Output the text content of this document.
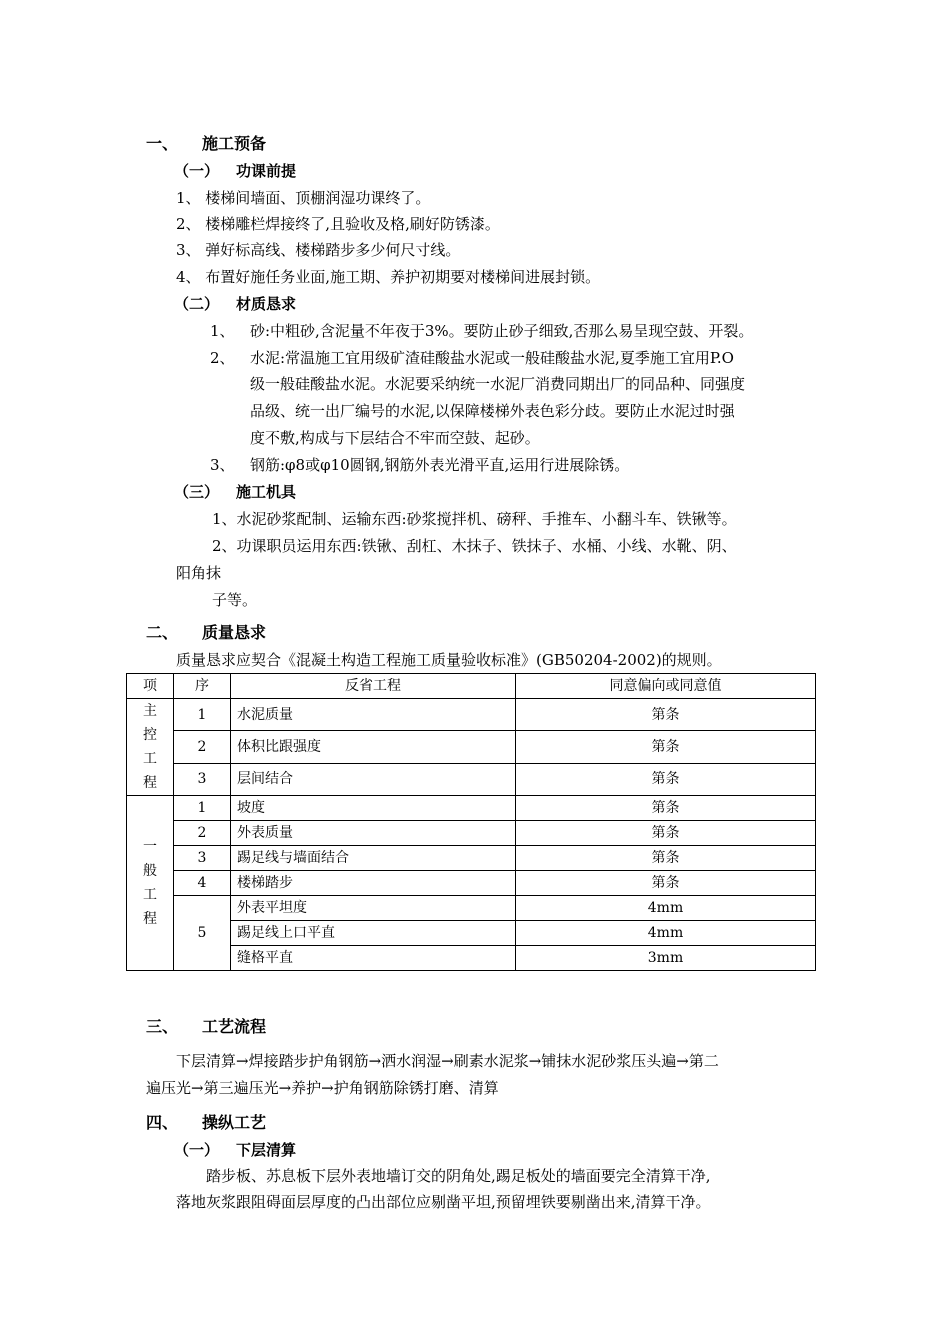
一、 施工预备
（一） 功课前提
1、 楼梯间墙面、顶棚润湿功课终了。
2、 楼梯雕栏焊接终了,且验收及格,刷好防锈漆。
3、 弹好标高线、楼梯踏步多少何尺寸线。
4、 布置好施任务业面,施工期、养护初期要对楼梯间进展封锁。
（二） 材质恳求
1、 砂:中粗砂,含泥量不年夜于3%。要防止砂子细致,否那么易呈现空鼓、开裂。
2、 水泥:常温施工宜用级矿渣硅酸盐水泥或一般硅酸盐水泥,夏季施工宜用P.O
级一般硅酸盐水泥。水泥要采纳统一水泥厂消费同期出厂的同品种、同强度
品级、统一出厂编号的水泥,以保障楼梯外表色彩分歧。要防止水泥过时强
度不敷,构成与下层结合不牢而空鼓、起砂。
3、 钢筋:φ8或φ10圆钢,钢筋外表光滑平直,运用行进展除锈。
（三） 施工机具
1、水泥砂浆配制、运输东西:砂浆搅拌机、磅秤、手推车、小翻斗车、铁锹等。
2、功课职员运用东西:铁锹、刮杠、木抹子、铁抹子、水桶、小线、水靴、阴、
阳角抹
子等。
二、 质量恳求
质量恳求应契合《混凝土构造工程施工质量验收标准》(GB50204-2002)的规则。
项	序	反省工程	同意偏向或同意值

主控工程	1	水泥质量	第条
	2	体积比跟强度	第条
	3	层间结合	第条

一般工程	1	坡度	第条
	2	外表质量	第条
	3	踢足线与墙面结合	第条
	4	楼梯踏步	第条
	5	外表平坦度	4mm
		踢足线上口平直	4mm
		缝格平直	3mm
三、 工艺流程
下层清算→焊接踏步护角钢筋→洒水润湿→刷素水泥浆→铺抹水泥砂浆压头遍→第二
遍压光→第三遍压光→养护→护角钢筋除锈打磨、清算
四、 操纵工艺
（一） 下层清算
踏步板、苏息板下层外表地墙订交的阴角处,踢足板处的墙面要完全清算干净,
落地灰浆跟阻碍面层厚度的凸出部位应剔凿平坦,预留埋铁要剔凿出来,清算干净。
